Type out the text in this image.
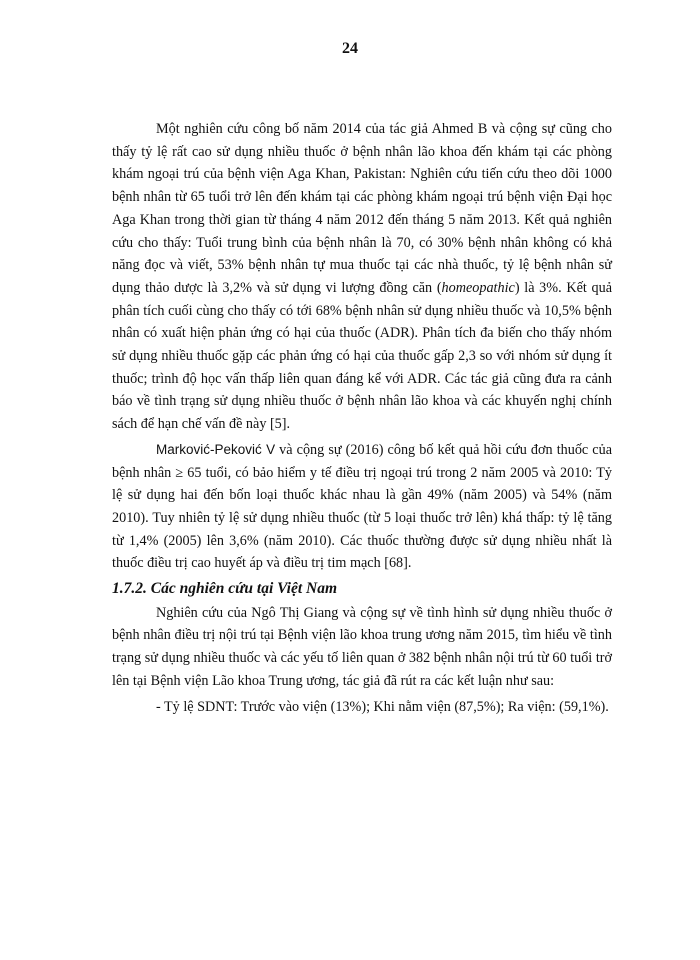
24

Một nghiên cứu công bố năm 2014 của tác giả Ahmed B và cộng sự cũng cho thấy tỷ lệ rất cao sử dụng nhiều thuốc ở bệnh nhân lão khoa đến khám tại các phòng khám ngoại trú của bệnh viện Aga Khan, Pakistan: Nghiên cứu tiến cứu theo dõi 1000 bệnh nhân từ 65 tuổi trở lên đến khám tại các phòng khám ngoại trú bệnh viện Đại học Aga Khan trong thời gian từ tháng 4 năm 2012 đến tháng 5 năm 2013. Kết quả nghiên cứu cho thấy: Tuổi trung bình của bệnh nhân là 70, có 30% bệnh nhân không có khả năng đọc và viết, 53% bệnh nhân tự mua thuốc tại các nhà thuốc, tỷ lệ bệnh nhân sử dụng thảo dược là 3,2% và sử dụng vi lượng đồng căn (homeopathic) là 3%. Kết quả phân tích cuối cùng cho thấy có tới 68% bệnh nhân sử dụng nhiều thuốc và 10,5% bệnh nhân có xuất hiện phản ứng có hại của thuốc (ADR). Phân tích đa biến cho thấy nhóm sử dụng nhiều thuốc gặp các phản ứng có hại của thuốc gấp 2,3 so với nhóm sử dụng ít thuốc; trình độ học vấn thấp liên quan đáng kể với ADR. Các tác giả cũng đưa ra cảnh báo về tình trạng sử dụng nhiều thuốc ở bệnh nhân lão khoa và các khuyến nghị chính sách để hạn chế vấn đề này [5].

Marković-Peković V và cộng sự (2016) công bố kết quả hồi cứu đơn thuốc của bệnh nhân ≥ 65 tuổi, có bảo hiểm y tế điều trị ngoại trú trong 2 năm 2005 và 2010: Tỷ lệ sử dụng hai đến bốn loại thuốc khác nhau là gần 49% (năm 2005) và 54% (năm 2010). Tuy nhiên tỷ lệ sử dụng nhiều thuốc (từ 5 loại thuốc trở lên) khá thấp: tỷ lệ tăng từ 1,4% (2005) lên 3,6% (năm 2010). Các thuốc thường được sử dụng nhiều nhất là thuốc điều trị cao huyết áp và điều trị tim mạch [68].

1.7.2. Các nghiên cứu tại Việt Nam

Nghiên cứu của Ngô Thị Giang và cộng sự về tình hình sử dụng nhiều thuốc ở bệnh nhân điều trị nội trú tại Bệnh viện lão khoa trung ương năm 2015, tìm hiểu về tình trạng sử dụng nhiều thuốc và các yếu tố liên quan ở 382 bệnh nhân nội trú từ 60 tuổi trở lên tại Bệnh viện Lão khoa Trung ương, tác giả đã rút ra các kết luận như sau:

- Tỷ lệ SDNT: Trước vào viện (13%); Khi nằm viện (87,5%); Ra viện: (59,1%).
